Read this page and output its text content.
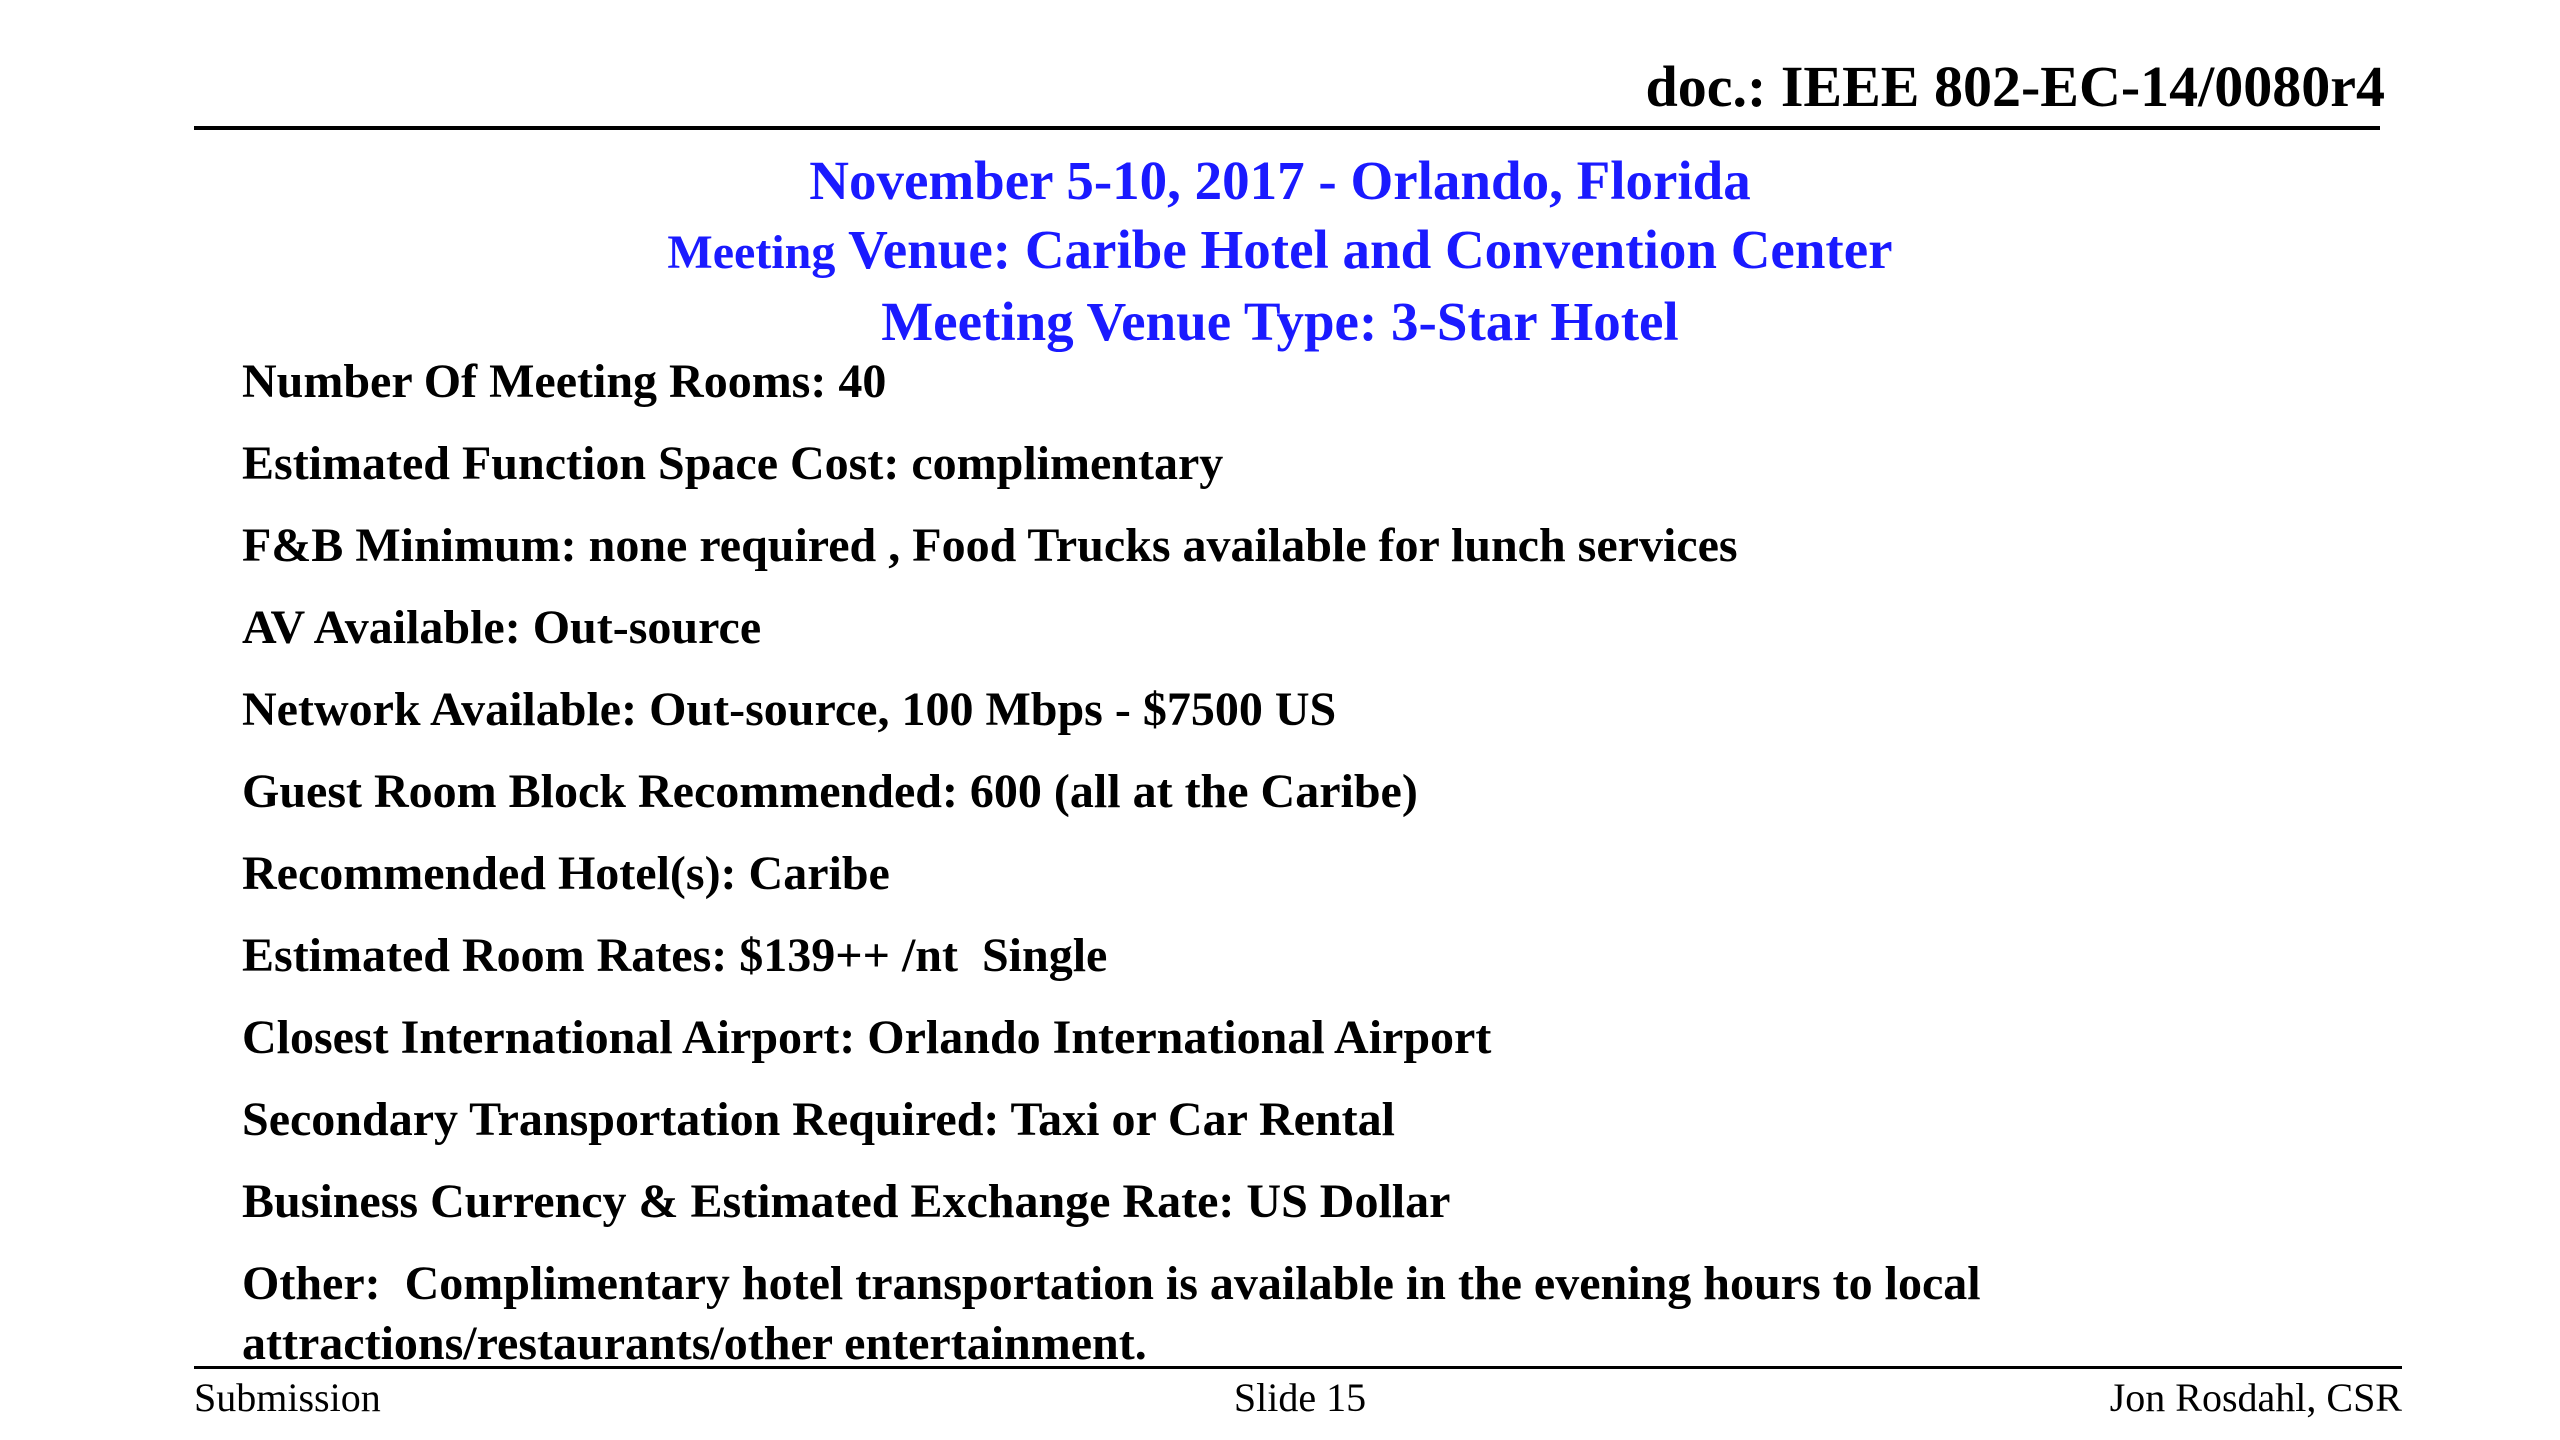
doc.: IEEE 802-EC-14/0080r4
November 5-10, 2017 - Orlando, Florida
Meeting Venue: Caribe Hotel and Convention Center
Meeting Venue Type: 3-Star Hotel
Number Of Meeting Rooms: 40
Estimated Function Space Cost: complimentary
F&B Minimum: none required , Food Trucks available for lunch services
AV Available: Out-source
Network Available: Out-source, 100 Mbps - $7500 US
Guest Room Block Recommended: 600 (all at the Caribe)
Recommended Hotel(s): Caribe
Estimated Room Rates: $139++ /nt  Single
Closest International Airport: Orlando International Airport
Secondary Transportation Required: Taxi or Car Rental
Business Currency & Estimated Exchange Rate: US Dollar
Other:  Complimentary hotel transportation is available in the evening hours to local attractions/restaurants/other entertainment.
Submission	Slide 15	Jon Rosdahl, CSR
